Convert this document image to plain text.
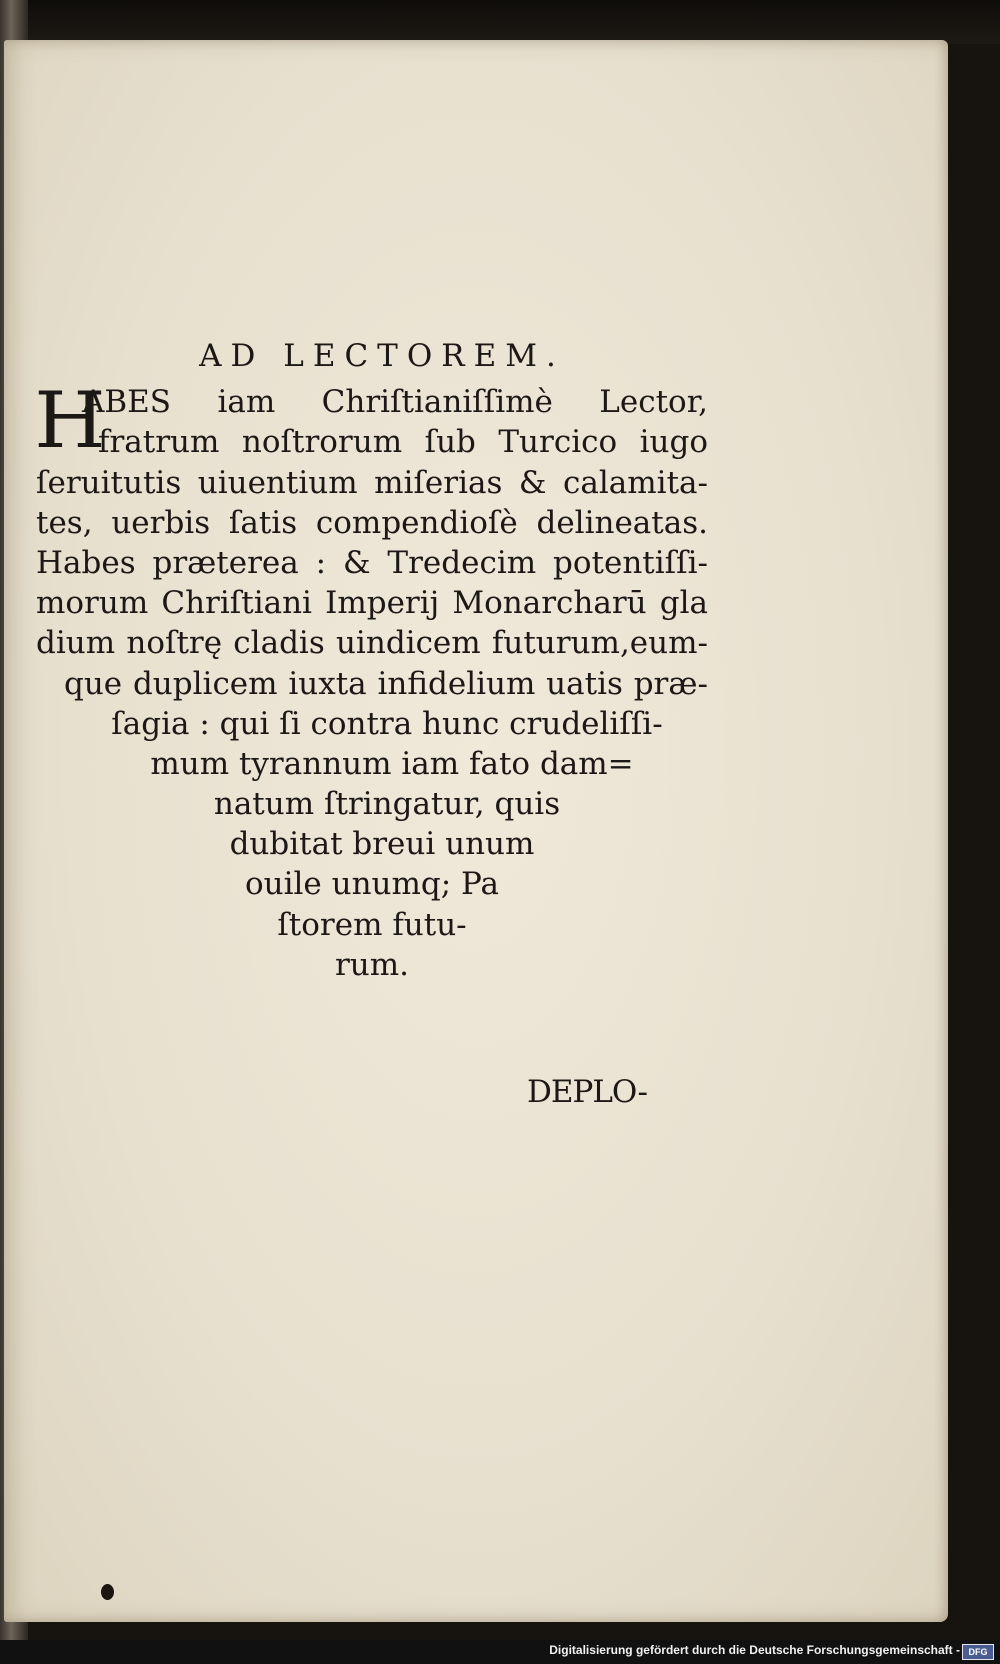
AD LECTOREM.
H
ABES iam Chriſtianiſſimè Lector,
fratrum noſtrorum ſub Turcico iugo
ſeruitutis uiuentium miſerias & calamita-
tes, uerbis ſatis compendioſè delineatas.
Habes præterea : & Tredecim potentiſſi-
morum Chriſtiani Imperij Monarcharū gla
dium noſtrę cladis uindicem futurum,eum-
que duplicem iuxta infidelium uatis præ-
ſagia : qui ſi contra hunc crudeliſſi-
mum tyrannum iam fato dam=
natum ſtringatur, quis
dubitat breui unum
ouile unumq; Pa
ſtorem futu-
rum.
DEPLO-
Digitalisierung gefördert durch die Deutsche Forschungsgemeinschaft - DFG
